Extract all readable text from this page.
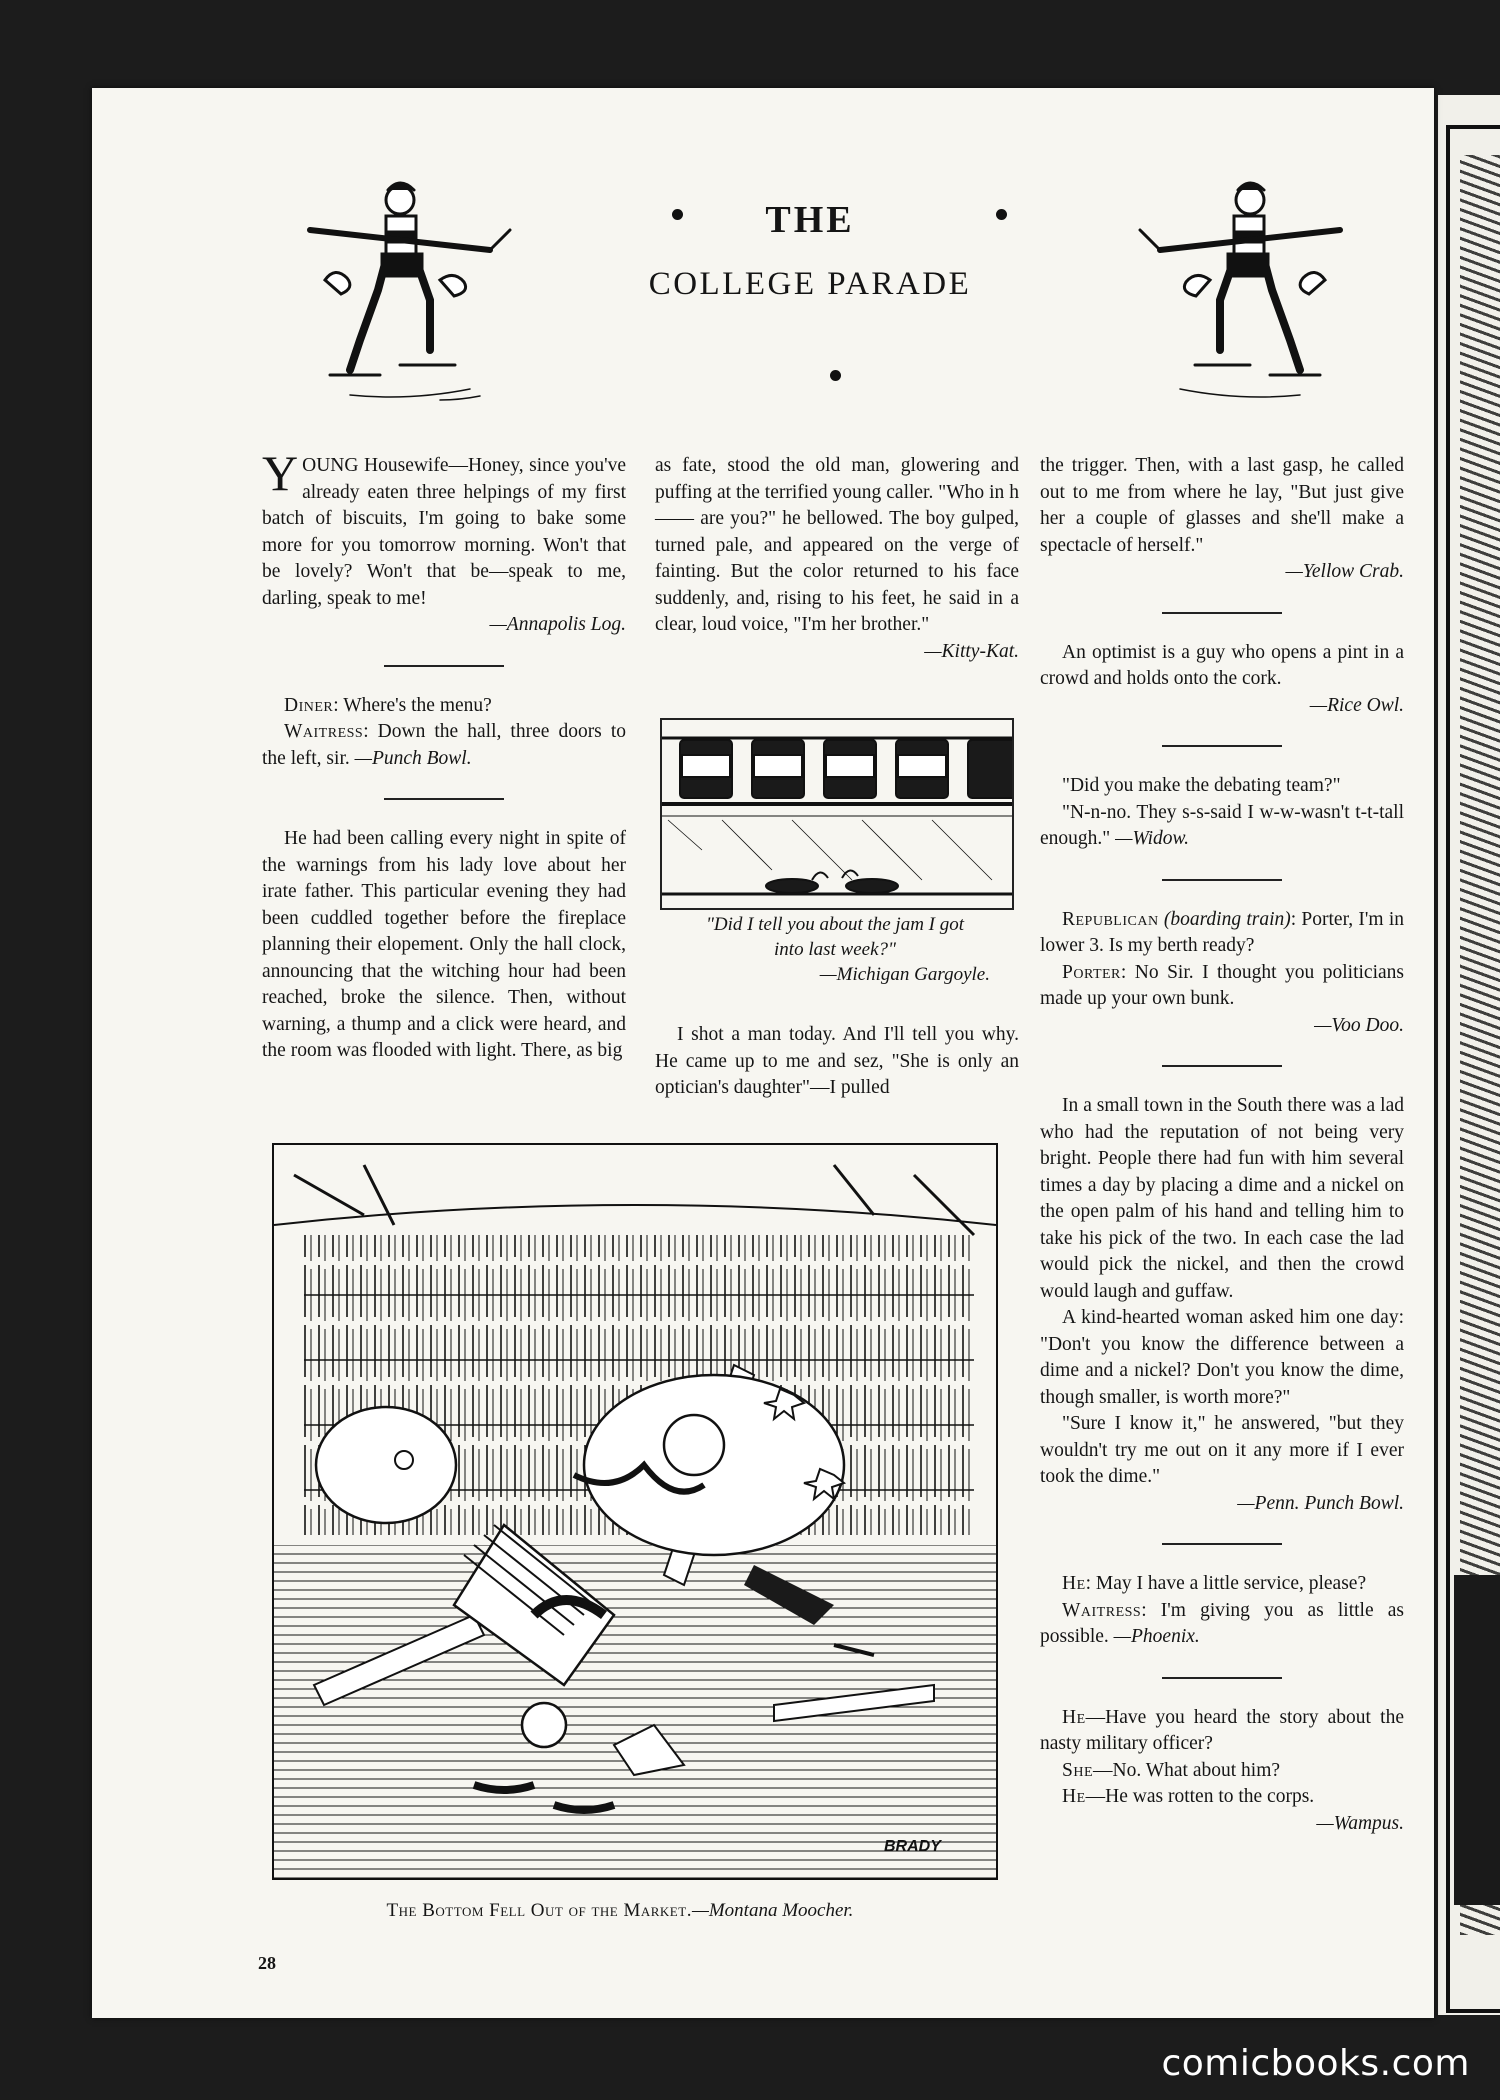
THE
COLLEGE PARADE

YOUNG Housewife—Honey, since you've already eaten three helpings of my first batch of biscuits, I'm going to bake some more for you tomorrow morning. Won't that be lovely? Won't that be—speak to me, darling, speak to me!

—Annapolis Log.

Diner: Where's the menu?

Waitress: Down the hall, three doors to the left, sir. —Punch Bowl.

He had been calling every night in spite of the warnings from his lady love about her irate father. This particular evening they had been cuddled together before the fireplace planning their elopement. Only the hall clock, announcing that the witching hour had been reached, broke the silence. Then, without warning, a thump and a click were heard, and the room was flooded with light. There, as big

as fate, stood the old man, glowering and puffing at the terrified young caller. "Who in h—— are you?" he bellowed. The boy gulped, turned pale, and appeared on the verge of fainting. But the color returned to his face suddenly, and, rising to his feet, he said in a clear, loud voice, "I'm her brother."

—Kitty-Kat.
"Did I tell you about the jam I got
into last week?"
—Michigan Gargoyle.

I shot a man today. And I'll tell you why. He came up to me and sez, "She is only an optician's daughter"—I pulled

the trigger. Then, with a last gasp, he called out to me from where he lay, "But just give her a couple of glasses and she'll make a spectacle of herself."

—Yellow Crab.

An optimist is a guy who opens a pint in a crowd and holds onto the cork.

—Rice Owl.

"Did you make the debating team?"

"N-n-no. They s-s-said I w-w-wasn't t-t-tall enough." —Widow.

Republican (boarding train): Porter, I'm in lower 3. Is my berth ready?

Porter: No Sir. I thought you politicians made up your own bunk.

—Voo Doo.

In a small town in the South there was a lad who had the reputation of not being very bright. People there had fun with him several times a day by placing a dime and a nickel on the open palm of his hand and telling him to take his pick of the two. In each case the lad would pick the nickel, and then the crowd would laugh and guffaw.

A kind-hearted woman asked him one day: "Don't you know the difference between a dime and a nickel? Don't you know the dime, though smaller, is worth more?"

"Sure I know it," he answered, "but they wouldn't try me out on it any more if I ever took the dime."

—Penn. Punch Bowl.

He: May I have a little service, please?

Waitress: I'm giving you as little as possible. —Phoenix.

He—Have you heard the story about the nasty military officer?

She—No. What about him?

He—He was rotten to the corps.

—Wampus.
BRADY
The Bottom Fell Out of the Market.—Montana Moocher.
28
comicbooks.com
